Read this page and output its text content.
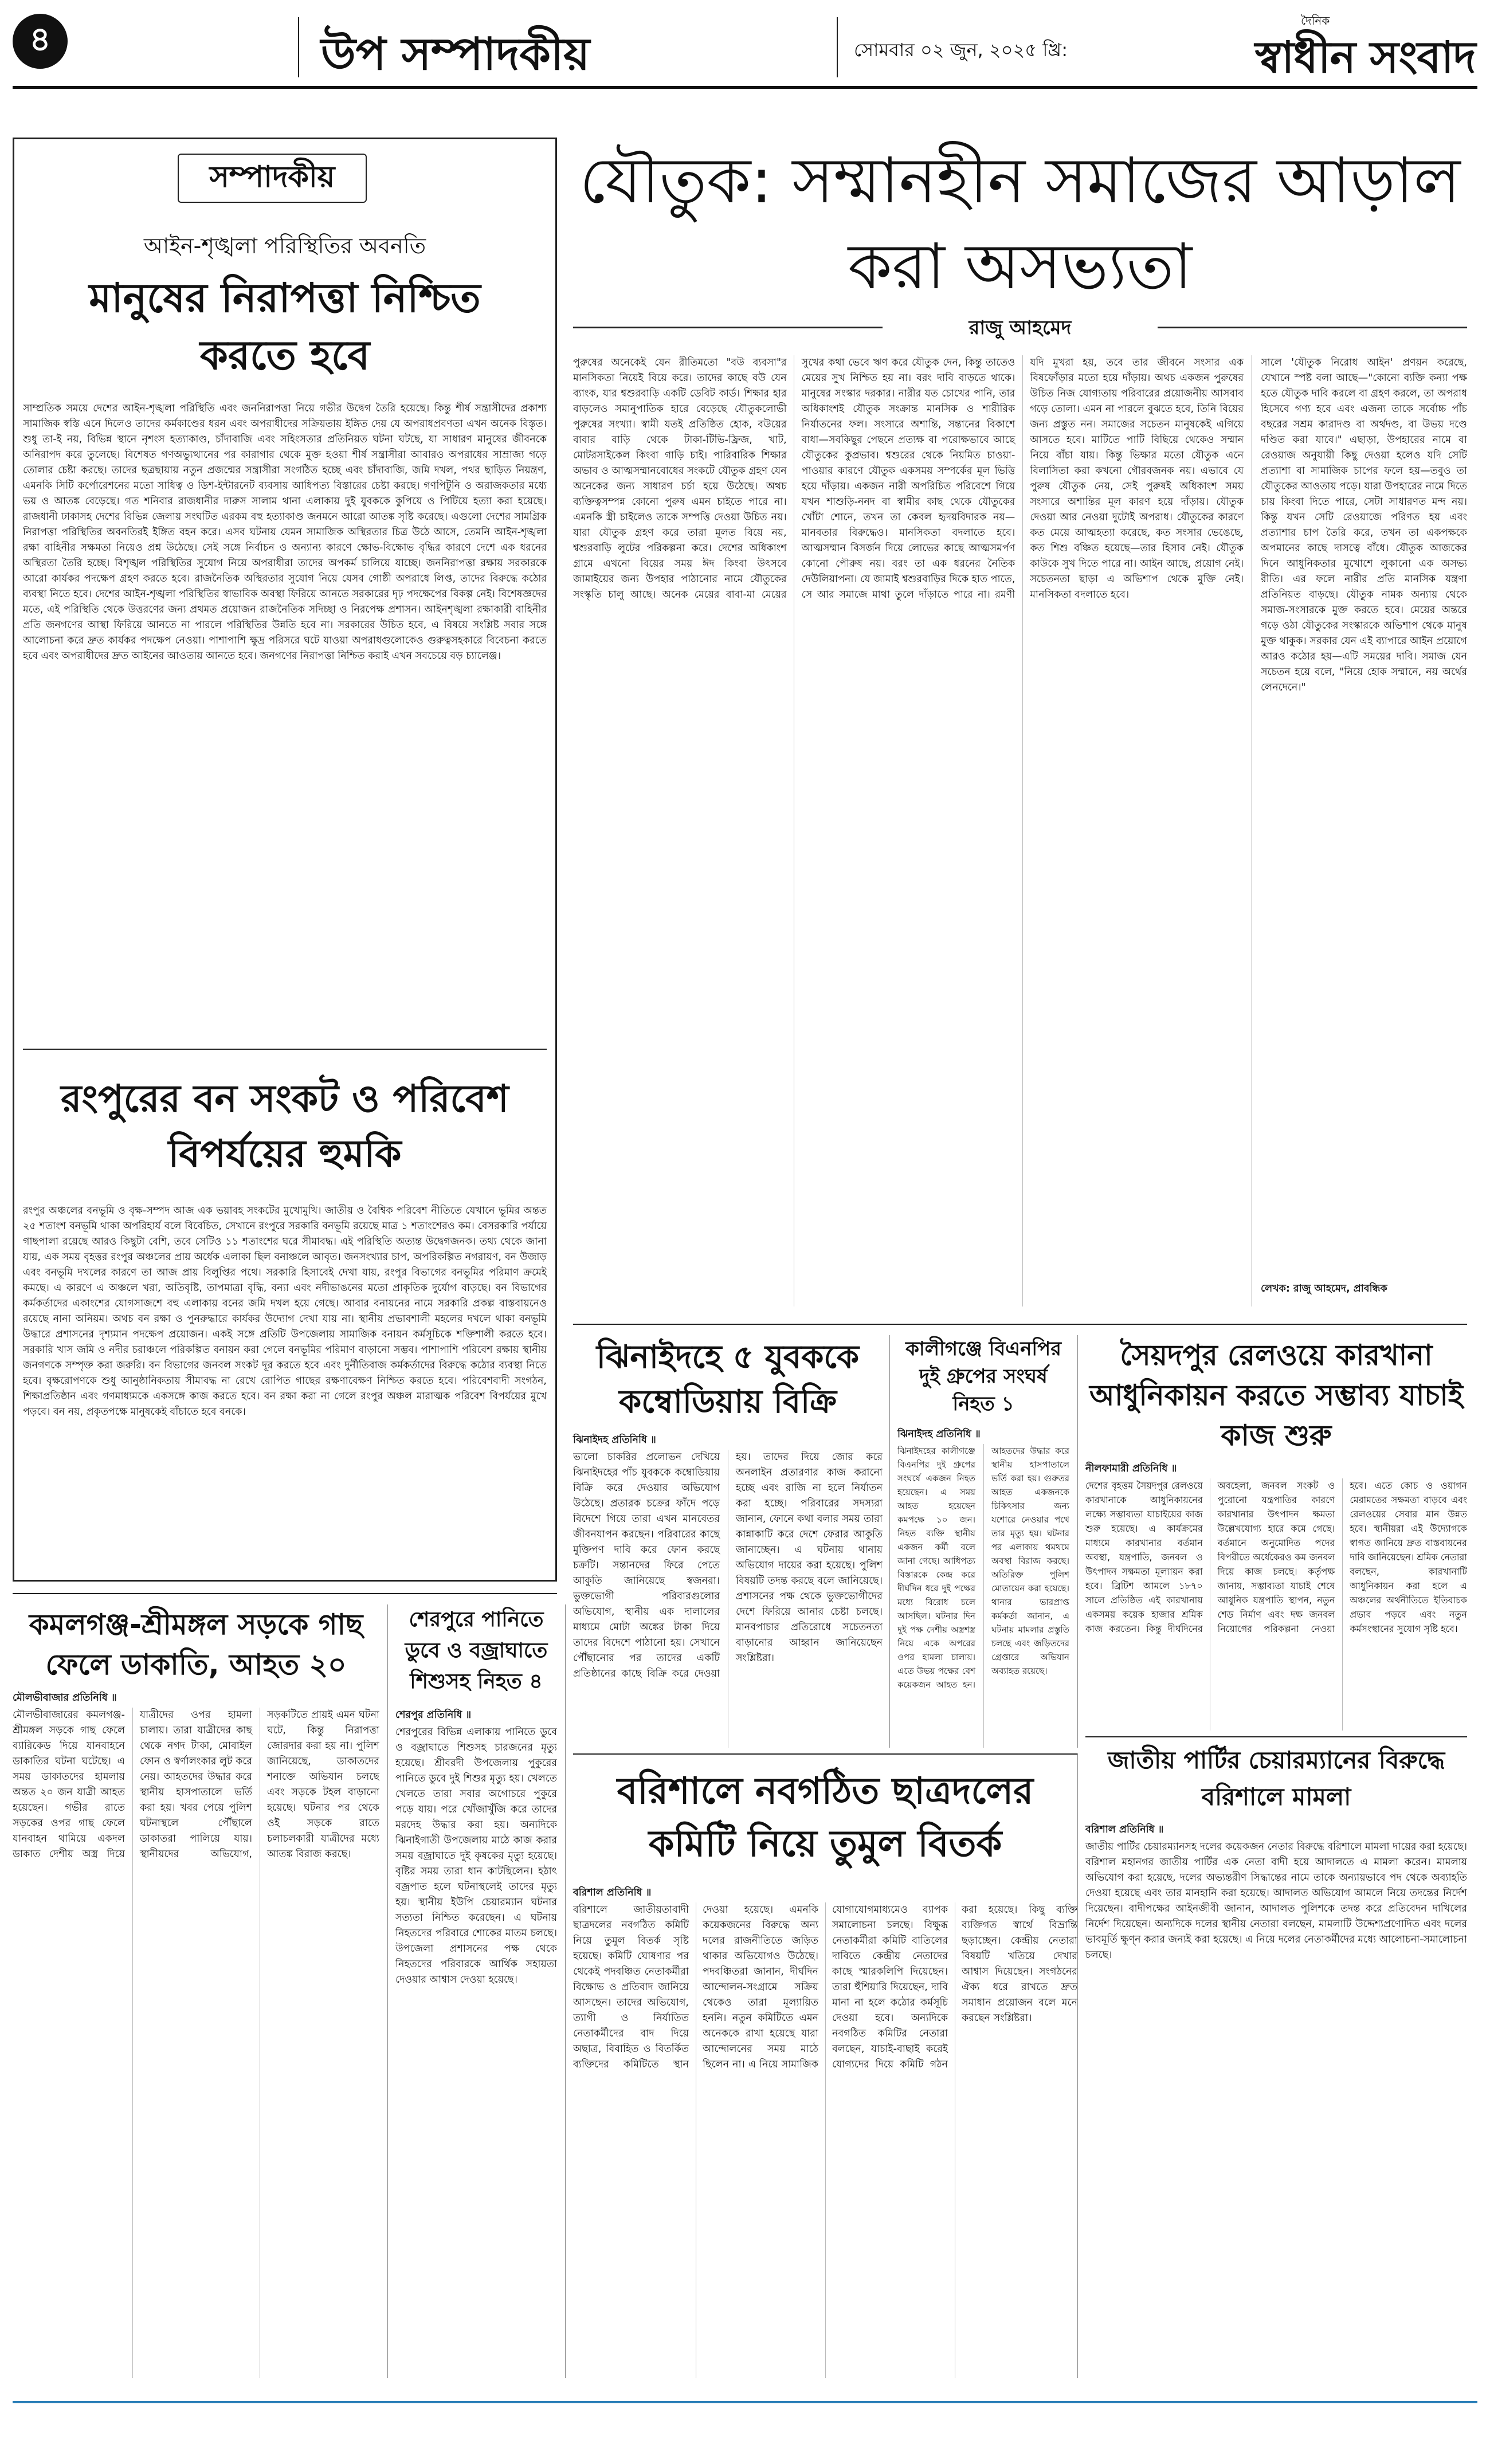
৪	উপ সম্পাদকীয়	সোমবার ০২ জুন, ২০২৫ খ্রি:
দৈনিক
স্বাধীন সংবাদ
সম্পাদকীয়
আইন-শৃঙ্খলা পরিস্থিতির অবনতি
মানুষের নিরাপত্তা নিশ্চিত করতে হবে
সাম্প্রতিক সময়ে দেশের আইন-শৃঙ্খলা পরিস্থিতি এবং জননিরাপত্তা নিয়ে গভীর উদ্বেগ তৈরি হয়েছে। কিন্তু শীর্ষ সন্ত্রাসীদের প্রকাশ্য সামাজিক স্বস্তি এনে দিলেও তাদের কর্মকাণ্ডের ধরন এবং অপরাধীদের সক্রিয়তায় ইঙ্গিত দেয় যে অপরাধপ্রবণতা এখন অনেক বিস্তৃত। শুধু তা-ই নয়, বিভিন্ন স্থানে নৃশংস হত্যাকাণ্ড, চাঁদাবাজি এবং সহিংসতার প্রতিনিয়ত ঘটনা ঘটছে, যা সাধারণ মানুষের জীবনকে অনিরাপদ করে তুলেছে। বিশেষত গণঅভ্যুত্থানের পর কারাগার থেকে মুক্ত হওয়া শীর্ষ সন্ত্রাসীরা আবারও অপরাধের সাম্রাজ্য গড়ে তোলার চেষ্টা করছে। তাদের ছত্রছায়ায় নতুন প্রজন্মের সন্ত্রাসীরা সংগঠিত হচ্ছে এবং চাঁদাবাজি, জমি দখল, পথর ছাড়িত নিয়ন্ত্রণ, এমনকি সিটি কর্পোরেশনের মতো সাধিত্ব ও ডিশ-ইন্টারনেট ব্যবসায় আধিপত্য বিস্তারের চেষ্টা করছে। গণপিটুনি ও অরাজকতার মধ্যে ভয় ও আতঙ্ক বেড়েছে। গত শনিবার রাজধানীর দারুস সালাম থানা এলাকায় দুই যুবককে কুপিয়ে ও পিটিয়ে হত্যা করা হয়েছে। রাজধানী ঢাকাসহ দেশের বিভিন্ন জেলায় সংঘটিত এরকম বহু হত্যাকাণ্ড জনমনে আরো আতঙ্ক সৃষ্টি করেছে। এগুলো দেশের সামগ্রিক নিরাপত্তা পরিস্থিতির অবনতিরই ইঙ্গিত বহন করে। এসব ঘটনায় যেমন সামাজিক অস্থিরতার চিত্র উঠে আসে, তেমনি আইন-শৃঙ্খলা রক্ষা বাহিনীর সক্ষমতা নিয়েও প্রশ্ন উঠেছে। সেই সঙ্গে নির্বাচন ও অন্যান্য কারণে ক্ষোভ-বিক্ষোভ বৃদ্ধির কারণে দেশে এক ধরনের অস্থিরতা তৈরি হচ্ছে। বিশৃঙ্খল পরিস্থিতির সুযোগ নিয়ে অপরাধীরা তাদের অপকর্ম চালিয়ে যাচ্ছে। জননিরাপত্তা রক্ষায় সরকারকে আরো কার্যকর পদক্ষেপ গ্রহণ করতে হবে। রাজনৈতিক অস্থিরতার সুযোগ নিয়ে যেসব গোষ্ঠী অপরাধে লিপ্ত, তাদের বিরুদ্ধে কঠোর ব্যবস্থা নিতে হবে। দেশের আইন-শৃঙ্খলা পরিস্থিতির স্বাভাবিক অবস্থা ফিরিয়ে আনতে সরকারের দৃঢ় পদক্ষেপের বিকল্প নেই। বিশেষজ্ঞদের মতে, এই পরিস্থিতি থেকে উত্তরণের জন্য প্রথমত প্রয়োজন রাজনৈতিক সদিচ্ছা ও নিরপেক্ষ প্রশাসন। আইনশৃঙ্খলা রক্ষাকারী বাহিনীর প্রতি জনগণের আস্থা ফিরিয়ে আনতে না পারলে পরিস্থিতির উন্নতি হবে না। সরকারের উচিত হবে, এ বিষয়ে সংশ্লিষ্ট সবার সঙ্গে আলোচনা করে দ্রুত কার্যকর পদক্ষেপ নেওয়া। পাশাপাশি ক্ষুদ্র পরিসরে ঘটে যাওয়া অপরাধগুলোকেও গুরুত্বসহকারে বিবেচনা করতে হবে এবং অপরাধীদের দ্রুত আইনের আওতায় আনতে হবে। জনগণের নিরাপত্তা নিশ্চিত করাই এখন সবচেয়ে বড় চ্যালেঞ্জ।
রংপুরের বন সংকট ও পরিবেশ বিপর্যয়ের হুমকি
রংপুর অঞ্চলের বনভূমি ও বৃক্ষ-সম্পদ আজ এক ভয়াবহ সংকটের মুখোমুখি। জাতীয় ও বৈশ্বিক পরিবেশ নীতিতে যেখানে ভূমির অন্তত ২৫ শতাংশ বনভূমি থাকা অপরিহার্য বলে বিবেচিত, সেখানে রংপুরে সরকারি বনভূমি রয়েছে মাত্র ১ শতাংশেরও কম। বেসরকারি পর্যায়ে গাছপালা রয়েছে আরও কিছুটা বেশি, তবে সেটিও ১১ শতাংশের ঘরে সীমাবদ্ধ। এই পরিস্থিতি অত্যন্ত উদ্বেগজনক। তথ্য থেকে জানা যায়, এক সময় বৃহত্তর রংপুর অঞ্চলের প্রায় অর্ধেক এলাকা ছিল বনাঞ্চলে আবৃত। জনসংখ্যার চাপ, অপরিকল্পিত নগরায়ণ, বন উজাড় এবং বনভূমি দখলের কারণে তা আজ প্রায় বিলুপ্তির পথে। সরকারি হিসাবেই দেখা যায়, রংপুর বিভাগের বনভূমির পরিমাণ ক্রমেই কমছে। এ কারণে এ অঞ্চলে খরা, অতিবৃষ্টি, তাপমাত্রা বৃদ্ধি, বন্যা এবং নদীভাঙনের মতো প্রাকৃতিক দুর্যোগ বাড়ছে। বন বিভাগের কর্মকর্তাদের একাংশের যোগসাজশে বহু এলাকায় বনের জমি দখল হয়ে গেছে। আবার বনায়নের নামে সরকারি প্রকল্প বাস্তবায়নেও রয়েছে নানা অনিয়ম। অথচ বন রক্ষা ও পুনরুদ্ধারে কার্যকর উদ্যোগ দেখা যায় না। স্থানীয় প্রভাবশালী মহলের দখলে থাকা বনভূমি উদ্ধারে প্রশাসনের দৃশ্যমান পদক্ষেপ প্রয়োজন। একই সঙ্গে প্রতিটি উপজেলায় সামাজিক বনায়ন কর্মসূচিকে শক্তিশালী করতে হবে। সরকারি খাস জমি ও নদীর চরাঞ্চলে পরিকল্পিত বনায়ন করা গেলে বনভূমির পরিমাণ বাড়ানো সম্ভব। পাশাপাশি পরিবেশ রক্ষায় স্থানীয় জনগণকে সম্পৃক্ত করা জরুরি। বন বিভাগের জনবল সংকট দূর করতে হবে এবং দুর্নীতিবাজ কর্মকর্তাদের বিরুদ্ধে কঠোর ব্যবস্থা নিতে হবে। বৃক্ষরোপণকে শুধু আনুষ্ঠানিকতায় সীমাবদ্ধ না রেখে রোপিত গাছের রক্ষণাবেক্ষণ নিশ্চিত করতে হবে। পরিবেশবাদী সংগঠন, শিক্ষাপ্রতিষ্ঠান এবং গণমাধ্যমকে একসঙ্গে কাজ করতে হবে। বন রক্ষা করা না গেলে রংপুর অঞ্চল মারাত্মক পরিবেশ বিপর্যয়ের মুখে পড়বে। বন নয়, প্রকৃতপক্ষে মানুষকেই বাঁচাতে হবে বনকে।
যৌতুক: সম্মানহীন সমাজের আড়াল করা অসভ্যতা
রাজু আহমেদ
পুরুষের অনেকেই যেন রীতিমতো "বউ ব্যবসা"র মানসিকতা নিয়েই বিয়ে করে। তাদের কাছে বউ যেন ব্যাংক, যার শ্বশুরবাড়ি একটি ডেবিট কার্ড। শিক্ষার হার বাড়লেও সমানুপাতিক হারে বেড়েছে যৌতুকলোভী পুরুষের সংখ্যা। স্বামী যতই প্রতিষ্ঠিত হোক, বউয়ের বাবার বাড়ি থেকে টাকা-টিভি-ফ্রিজ, খাট, মোটরসাইকেল কিংবা গাড়ি চাই। পারিবারিক শিক্ষার অভাব ও আত্মসম্মানবোধের সংকটে যৌতুক গ্রহণ যেন অনেকের জন্য সাধারণ চর্চা হয়ে উঠেছে। অথচ ব্যক্তিত্বসম্পন্ন কোনো পুরুষ এমন চাইতে পারে না। এমনকি স্ত্রী চাইলেও তাকে সম্পত্তি দেওয়া উচিত নয়। যারা যৌতুক গ্রহণ করে তারা মূলত বিয়ে নয়, শ্বশুরবাড়ি লুটের পরিকল্পনা করে। দেশের অধিকাংশ গ্রামে এখনো বিয়ের সময় ঈদ কিংবা উৎসবে জামাইয়ের জন্য উপহার পাঠানোর নামে যৌতুকের সংস্কৃতি চালু আছে। অনেক মেয়ের বাবা-মা মেয়ের সুখের কথা ভেবে ঋণ করে যৌতুক দেন, কিন্তু তাতেও মেয়ের সুখ নিশ্চিত হয় না। বরং দাবি বাড়তে থাকে। মানুষের সংস্কার দরকার। নারীর যত চোখের পানি, তার অধিকাংশই যৌতুক সংক্রান্ত মানসিক ও শারীরিক নির্যাতনের ফল। সংসারে অশান্তি, সন্তানের বিকাশে বাধা—সবকিছুর পেছনে প্রত্যক্ষ বা পরোক্ষভাবে আছে যৌতুকের কুপ্রভাব। শ্বশুরের থেকে নিয়মিত চাওয়া-পাওয়ার কারণে যৌতুক একসময় সম্পর্কের মূল ভিত্তি হয়ে দাঁড়ায়। একজন নারী অপরিচিত পরিবেশে গিয়ে যখন শাশুড়ি-ননদ বা স্বামীর কাছ থেকে যৌতুকের খোঁটা শোনে, তখন তা কেবল হৃদয়বিদারক নয়—মানবতার বিরুদ্ধেও। মানসিকতা বদলাতে হবে। আত্মসম্মান বিসর্জন দিয়ে লোভের কাছে আত্মসমর্পণ কোনো পৌরুষ নয়। বরং তা এক ধরনের নৈতিক দেউলিয়াপনা। যে জামাই শ্বশুরবাড়ির দিকে হাত পাতে, সে আর সমাজে মাথা তুলে দাঁড়াতে পারে না। রমণী যদি মুখরা হয়, তবে তার জীবনে সংসার এক বিষফোঁড়ার মতো হয়ে দাঁড়ায়। অথচ একজন পুরুষের উচিত নিজ যোগ্যতায় পরিবারের প্রয়োজনীয় আসবাব গড়ে তোলা। এমন না পারলে বুঝতে হবে, তিনি বিয়ের জন্য প্রস্তুত নন। সমাজের সচেতন মানুষকেই এগিয়ে আসতে হবে। মাটিতে পাটি বিছিয়ে থেকেও সম্মান নিয়ে বাঁচা যায়। কিন্তু ভিক্ষার মতো যৌতুক এনে বিলাসিতা করা কখনো গৌরবজনক নয়। এভাবে যে পুরুষ যৌতুক নেয়, সেই পুরুষই অধিকাংশ সময় সংসারে অশান্তির মূল কারণ হয়ে দাঁড়ায়। যৌতুক দেওয়া আর নেওয়া দুটোই অপরাধ। যৌতুকের কারণে কত মেয়ে আত্মহত্যা করেছে, কত সংসার ভেঙেছে, কত শিশু বঞ্চিত হয়েছে—তার হিসাব নেই। যৌতুক কাউকে সুখ দিতে পারে না। আইন আছে, প্রয়োগ নেই। সচেতনতা ছাড়া এ অভিশাপ থেকে মুক্তি নেই। মানসিকতা বদলাতে হবে।
সালে 'যৌতুক নিরোধ আইন' প্রণয়ন করেছে, যেখানে স্পষ্ট বলা আছে—"কোনো ব্যক্তি কন্যা পক্ষ হতে যৌতুক দাবি করলে বা গ্রহণ করলে, তা অপরাধ হিসেবে গণ্য হবে এবং এজন্য তাকে সর্বোচ্চ পাঁচ বছরের সশ্রম কারাদণ্ড বা অর্থদণ্ড, বা উভয় দণ্ডে দণ্ডিত করা যাবে।" এছাড়া, উপহারের নামে বা রেওয়াজ অনুযায়ী কিছু দেওয়া হলেও যদি সেটি প্রত্যাশা বা সামাজিক চাপের ফলে হয়—তবুও তা যৌতুকের আওতায় পড়ে। যারা উপহারের নামে দিতে চায় কিংবা দিতে পারে, সেটা সাধারণত মন্দ নয়। কিন্তু যখন সেটি রেওয়াজে পরিণত হয় এবং প্রত্যাশার চাপ তৈরি করে, তখন তা একপক্ষকে অপমানের কাছে দাসত্বে বাঁধে। যৌতুক আজকের দিনে আধুনিকতার মুখোশে লুকানো এক অসভ্য রীতি। এর ফলে নারীর প্রতি মানসিক যন্ত্রণা প্রতিনিয়ত বাড়ছে। যৌতুক নামক অন্যায় থেকে সমাজ-সংসারকে মুক্ত করতে হবে। মেয়ের অন্তরে গড়ে ওঠা যৌতুকের সংস্কারকে অভিশাপ থেকে মানুষ মুক্ত থাকুক। সরকার যেন এই ব্যাপারে আইন প্রয়োগে আরও কঠোর হয়—এটি সময়ের দাবি। সমাজ যেন সচেতন হয়ে বলে, "নিয়ে হোক সম্মানে, নয় অর্থের লেনদেনে।"
লেখক: রাজু আহমেদ, প্রাবন্ধিক
ঝিনাইদহে ৫ যুবককে কম্বোডিয়ায় বিক্রি
ঝিনাইদহ প্রতিনিধি ॥
ভালো চাকরির প্রলোভন দেখিয়ে ঝিনাইদহের পাঁচ যুবককে কম্বোডিয়ায় বিক্রি করে দেওয়ার অভিযোগ উঠেছে। প্রতারক চক্রের ফাঁদে পড়ে বিদেশে গিয়ে তারা এখন মানবেতর জীবনযাপন করছেন। পরিবারের কাছে মুক্তিপণ দাবি করে ফোন করছে চক্রটি। সন্তানদের ফিরে পেতে আকুতি জানিয়েছে স্বজনরা। ভুক্তভোগী পরিবারগুলোর অভিযোগ, স্থানীয় এক দালালের মাধ্যমে মোটা অঙ্কের টাকা দিয়ে তাদের বিদেশে পাঠানো হয়। সেখানে পৌঁছানোর পর তাদের একটি প্রতিষ্ঠানের কাছে বিক্রি করে দেওয়া হয়। তাদের দিয়ে জোর করে অনলাইন প্রতারণার কাজ করানো হচ্ছে এবং রাজি না হলে নির্যাতন করা হচ্ছে। পরিবারের সদস্যরা জানান, ফোনে কথা বলার সময় তারা কান্নাকাটি করে দেশে ফেরার আকুতি জানাচ্ছেন। এ ঘটনায় থানায় অভিযোগ দায়ের করা হয়েছে। পুলিশ বিষয়টি তদন্ত করছে বলে জানিয়েছে। প্রশাসনের পক্ষ থেকে ভুক্তভোগীদের দেশে ফিরিয়ে আনার চেষ্টা চলছে। মানবপাচার প্রতিরোধে সচেতনতা বাড়ানোর আহ্বান জানিয়েছেন সংশ্লিষ্টরা।
কালীগঞ্জে বিএনপির দুই গ্রুপের সংঘর্ষ নিহত ১
ঝিনাইদহ প্রতিনিধি ॥
ঝিনাইদহের কালীগঞ্জে বিএনপির দুই গ্রুপের সংঘর্ষে একজন নিহত হয়েছেন। এ সময় আহত হয়েছেন কমপক্ষে ১০ জন। নিহত ব্যক্তি স্থানীয় একজন কর্মী বলে জানা গেছে। আধিপত্য বিস্তারকে কেন্দ্র করে দীর্ঘদিন ধরে দুই পক্ষের মধ্যে বিরোধ চলে আসছিল। ঘটনার দিন দুই পক্ষ দেশীয় অস্ত্রশস্ত্র নিয়ে একে অপরের ওপর হামলা চালায়। এতে উভয় পক্ষের বেশ কয়েকজন আহত হন। আহতদের উদ্ধার করে স্থানীয় হাসপাতালে ভর্তি করা হয়। গুরুতর আহত একজনকে চিকিৎসার জন্য যশোরে নেওয়ার পথে তার মৃত্যু হয়। ঘটনার পর এলাকায় থমথমে অবস্থা বিরাজ করছে। অতিরিক্ত পুলিশ মোতায়েন করা হয়েছে। থানার ভারপ্রাপ্ত কর্মকর্তা জানান, এ ঘটনায় মামলার প্রস্তুতি চলছে এবং জড়িতদের গ্রেপ্তারে অভিযান অব্যাহত রয়েছে।
সৈয়দপুর রেলওয়ে কারখানা আধুনিকায়ন করতে সম্ভাব্য যাচাই কাজ শুরু
নীলফামারী প্রতিনিধি ॥
দেশের বৃহত্তম সৈয়দপুর রেলওয়ে কারখানাকে আধুনিকায়নের লক্ষ্যে সম্ভাব্যতা যাচাইয়ের কাজ শুরু হয়েছে। এ কার্যক্রমের মাধ্যমে কারখানার বর্তমান অবস্থা, যন্ত্রপাতি, জনবল ও উৎপাদন সক্ষমতা মূল্যায়ন করা হবে। ব্রিটিশ আমলে ১৮৭০ সালে প্রতিষ্ঠিত এই কারখানায় একসময় কয়েক হাজার শ্রমিক কাজ করতেন। কিন্তু দীর্ঘদিনের অবহেলা, জনবল সংকট ও পুরোনো যন্ত্রপাতির কারণে কারখানার উৎপাদন ক্ষমতা উল্লেখযোগ্য হারে কমে গেছে। বর্তমানে অনুমোদিত পদের বিপরীতে অর্ধেকেরও কম জনবল দিয়ে কাজ চলছে। কর্তৃপক্ষ জানায়, সম্ভাব্যতা যাচাই শেষে আধুনিক যন্ত্রপাতি স্থাপন, নতুন শেড নির্মাণ এবং দক্ষ জনবল নিয়োগের পরিকল্পনা নেওয়া হবে। এতে কোচ ও ওয়াগন মেরামতের সক্ষমতা বাড়বে এবং রেলওয়ের সেবার মান উন্নত হবে। স্থানীয়রা এই উদ্যোগকে স্বাগত জানিয়ে দ্রুত বাস্তবায়নের দাবি জানিয়েছেন। শ্রমিক নেতারা বলছেন, কারখানাটি আধুনিকায়ন করা হলে এ অঞ্চলের অর্থনীতিতে ইতিবাচক প্রভাব পড়বে এবং নতুন কর্মসংস্থানের সুযোগ সৃষ্টি হবে।
জাতীয় পার্টির চেয়ারম্যানের বিরুদ্ধে বরিশালে মামলা
বরিশাল প্রতিনিধি ॥
জাতীয় পার্টির চেয়ারম্যানসহ দলের কয়েকজন নেতার বিরুদ্ধে বরিশালে মামলা দায়ের করা হয়েছে। বরিশাল মহানগর জাতীয় পার্টির এক নেতা বাদী হয়ে আদালতে এ মামলা করেন। মামলায় অভিযোগ করা হয়েছে, দলের অভ্যন্তরীণ সিদ্ধান্তের নামে তাকে অন্যায়ভাবে পদ থেকে অব্যাহতি দেওয়া হয়েছে এবং তার মানহানি করা হয়েছে। আদালত অভিযোগ আমলে নিয়ে তদন্তের নির্দেশ দিয়েছেন। বাদীপক্ষের আইনজীবী জানান, আদালত পুলিশকে তদন্ত করে প্রতিবেদন দাখিলের নির্দেশ দিয়েছেন। অন্যদিকে দলের স্থানীয় নেতারা বলছেন, মামলাটি উদ্দেশ্যপ্রণোদিত এবং দলের ভাবমূর্তি ক্ষুণ্ন করার জন্যই করা হয়েছে। এ নিয়ে দলের নেতাকর্মীদের মধ্যে আলোচনা-সমালোচনা চলছে।
কমলগঞ্জ-শ্রীমঙ্গল সড়কে গাছ ফেলে ডাকাতি, আহত ২০
মৌলভীবাজার প্রতিনিধি ॥
মৌলভীবাজারের কমলগঞ্জ-শ্রীমঙ্গল সড়কে গাছ ফেলে ব্যারিকেড দিয়ে যানবাহনে ডাকাতির ঘটনা ঘটেছে। এ সময় ডাকাতদের হামলায় অন্তত ২০ জন যাত্রী আহত হয়েছেন। গভীর রাতে সড়কের ওপর গাছ ফেলে যানবাহন থামিয়ে একদল ডাকাত দেশীয় অস্ত্র দিয়ে যাত্রীদের ওপর হামলা চালায়। তারা যাত্রীদের কাছ থেকে নগদ টাকা, মোবাইল ফোন ও স্বর্ণালংকার লুট করে নেয়। আহতদের উদ্ধার করে স্থানীয় হাসপাতালে ভর্তি করা হয়। খবর পেয়ে পুলিশ ঘটনাস্থলে পৌঁছালে ডাকাতরা পালিয়ে যায়। স্থানীয়দের অভিযোগ, সড়কটিতে প্রায়ই এমন ঘটনা ঘটে, কিন্তু নিরাপত্তা জোরদার করা হয় না। পুলিশ জানিয়েছে, ডাকাতদের শনাক্তে অভিযান চলছে এবং সড়কে টহল বাড়ানো হয়েছে। ঘটনার পর থেকে ওই সড়কে রাতে চলাচলকারী যাত্রীদের মধ্যে আতঙ্ক বিরাজ করছে।
শেরপুরে পানিতে ডুবে ও বজ্রাঘাতে শিশুসহ নিহত ৪
শেরপুর প্রতিনিধি ॥
শেরপুরের বিভিন্ন এলাকায় পানিতে ডুবে ও বজ্রাঘাতে শিশুসহ চারজনের মৃত্যু হয়েছে। শ্রীবরদী উপজেলায় পুকুরের পানিতে ডুবে দুই শিশুর মৃত্যু হয়। খেলতে খেলতে তারা সবার অগোচরে পুকুরে পড়ে যায়। পরে খোঁজাখুঁজি করে তাদের মরদেহ উদ্ধার করা হয়। অন্যদিকে ঝিনাইগাতী উপজেলায় মাঠে কাজ করার সময় বজ্রাঘাতে দুই কৃষকের মৃত্যু হয়েছে। বৃষ্টির সময় তারা ধান কাটছিলেন। হঠাৎ বজ্রপাত হলে ঘটনাস্থলেই তাদের মৃত্যু হয়। স্থানীয় ইউপি চেয়ারম্যান ঘটনার সত্যতা নিশ্চিত করেছেন। এ ঘটনায় নিহতদের পরিবারে শোকের মাতম চলছে। উপজেলা প্রশাসনের পক্ষ থেকে নিহতদের পরিবারকে আর্থিক সহায়তা দেওয়ার আশ্বাস দেওয়া হয়েছে।
বরিশালে নবগঠিত ছাত্রদলের কমিটি নিয়ে তুমুল বিতর্ক
বরিশাল প্রতিনিধি ॥
বরিশালে জাতীয়তাবাদী ছাত্রদলের নবগঠিত কমিটি নিয়ে তুমুল বিতর্ক সৃষ্টি হয়েছে। কমিটি ঘোষণার পর থেকেই পদবঞ্চিত নেতাকর্মীরা বিক্ষোভ ও প্রতিবাদ জানিয়ে আসছেন। তাদের অভিযোগ, ত্যাগী ও নির্যাতিত নেতাকর্মীদের বাদ দিয়ে অছাত্র, বিবাহিত ও বিতর্কিত ব্যক্তিদের কমিটিতে স্থান দেওয়া হয়েছে। এমনকি কয়েকজনের বিরুদ্ধে অন্য দলের রাজনীতিতে জড়িত থাকার অভিযোগও উঠেছে। পদবঞ্চিতরা জানান, দীর্ঘদিন আন্দোলন-সংগ্রামে সক্রিয় থেকেও তারা মূল্যায়িত হননি। নতুন কমিটিতে এমন অনেককে রাখা হয়েছে যারা আন্দোলনের সময় মাঠে ছিলেন না। এ নিয়ে সামাজিক যোগাযোগমাধ্যমেও ব্যাপক সমালোচনা চলছে। বিক্ষুব্ধ নেতাকর্মীরা কমিটি বাতিলের দাবিতে কেন্দ্রীয় নেতাদের কাছে স্মারকলিপি দিয়েছেন। তারা হুঁশিয়ারি দিয়েছেন, দাবি মানা না হলে কঠোর কর্মসূচি দেওয়া হবে। অন্যদিকে নবগঠিত কমিটির নেতারা বলছেন, যাচাই-বাছাই করেই যোগ্যদের দিয়ে কমিটি গঠন করা হয়েছে। কিছু ব্যক্তি ব্যক্তিগত স্বার্থে বিভ্রান্তি ছড়াচ্ছেন। কেন্দ্রীয় নেতারা বিষয়টি খতিয়ে দেখার আশ্বাস দিয়েছেন। সংগঠনের ঐক্য ধরে রাখতে দ্রুত সমাধান প্রয়োজন বলে মনে করছেন সংশ্লিষ্টরা।
